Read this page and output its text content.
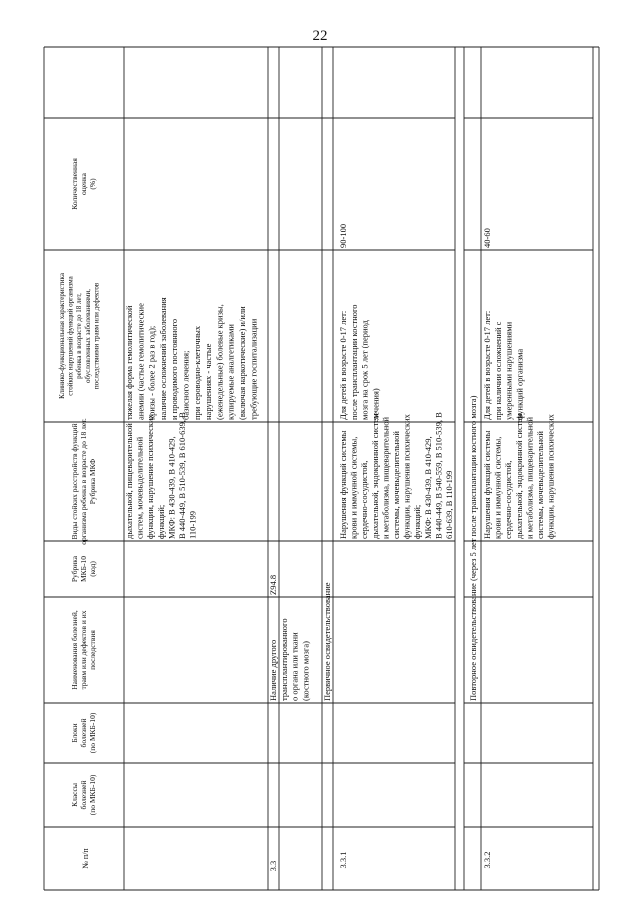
22
№ п/п
Классы болезней (по МКБ-10)
Блоки болезней (по МКБ-10)
Наименования болезней, травм или дефектов и их последствия
Рубрика МКБ-10 (код)
Виды стойких расстройств функций организма ребенка в возрасте до 18 лет. Рубрика МКФ
Клинико-функциональная характеристика стойких нарушений функций организма ребенка в возрасте до 18 лет, обусловленных заболеваниями, последствиями травм или дефектов
Количественная оценка (%)
дыхательной, пищеварительной систем, мочевыделительной функции, нарушение психических функций; МКФ: В 430-439, В 410-429, В 440-449, В 510-539, В 610-639, В 110-199
тяжелая форма гемолитической анемии (частые гемолитические кризы - более 2 раз в год); наличие осложнений заболевания и проводимого постоянного базисного лечения; при сероводно-клеточных нарушениях - частые (еженедельные) болевые кризы, купируемые аналгетиками (включая наркотические) и/или требующие госпитализации
3.3
Z94.8
Наличие другого трансплантированного о органа или ткани (костного мозга) Первичное освидетельствование	Повторное освидетельствование (через 5 лет после трансплантации костного мозга)
3.3.1
Нарушения функций системы крови и иммунной системы, сердечно-сосудистой, дыхательной, эндокринной систем и метаболизма, пищеварительной системы, мочевыделительной функции, нарушения психических функций; МКФ: В 430-439, В 410-429, В 440-449, В 540-559, В 510-539, В 610-639, В 110-199
Для детей в возрасте 0-17 лет: после трансплантации костного мозга на срок 5 лет (период лечения)
90-100
3.3.2
Нарушения функций системы крови и иммунной системы, сердечно-сосудистой, дыхательной, эндокринной систем и метаболизма, пищеварительной системы, мочевыделительной функции, нарушения психических
Для детей в возрасте 0-17 лет: при наличии осложнений с умеренными нарушениями функций организма
40-60
